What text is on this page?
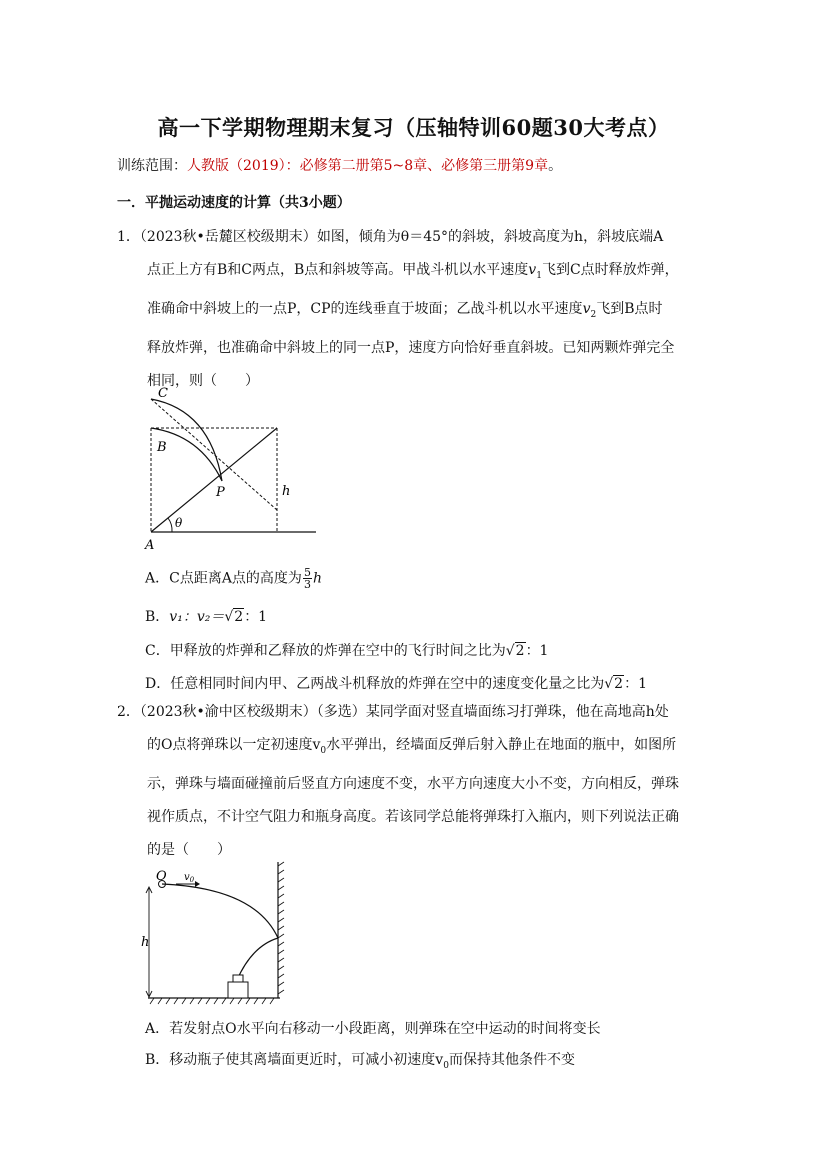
高一下学期物理期末复习（压轴特训60题30大考点）
训练范围：人教版（2019）：必修第二册第5~8章、必修第三册第9章。
一．平抛运动速度的计算（共3小题）

1．（2023秋•岳麓区校级期末）如图，倾角为θ＝45°的斜坡，斜坡高度为h，斜坡底端A

点正上方有B和C两点，B点和斜坡等高。甲战斗机以水平速度$v_1$飞到C点时释放炸弹，

准确命中斜坡上的一点P，CP的连线垂直于坡面；乙战斗机以水平速度$v_2$飞到B点时

释放炸弹，也准确命中斜坡上的同一点P，速度方向恰好垂直斜坡。已知两颗炸弹完全

相同，则（　　）

C
B
P
A
h
θ
A．C点距离A点的高度为 $\frac{5}{3}$ h
B．v₁：v₂＝√2：1
C．甲释放的炸弹和乙释放的炸弹在空中的飞行时间之比为√2：1
D．任意相同时间内甲、乙两战斗机释放的炸弹在空中的速度变化量之比为√2：1

2．（2023秋•渝中区校级期末）（多选）某同学面对竖直墙面练习打弹珠，他在高地高h处

的O点将弹珠以一定初速度$v_0$水平弹出，经墙面反弹后射入静止在地面的瓶中，如图所

示，弹珠与墙面碰撞前后竖直方向速度不变，水平方向速度大小不变，方向相反，弹珠

视作质点，不计空气阻力和瓶身高度。若该同学总能将弹珠打入瓶内，则下列说法正确

的是（　　）

O $v_0$
h
A．若发射点O水平向右移动一小段距离，则弹珠在空中运动的时间将变长
B．移动瓶子使其离墙面更近时，可减小初速度$v_0$而保持其他条件不变
